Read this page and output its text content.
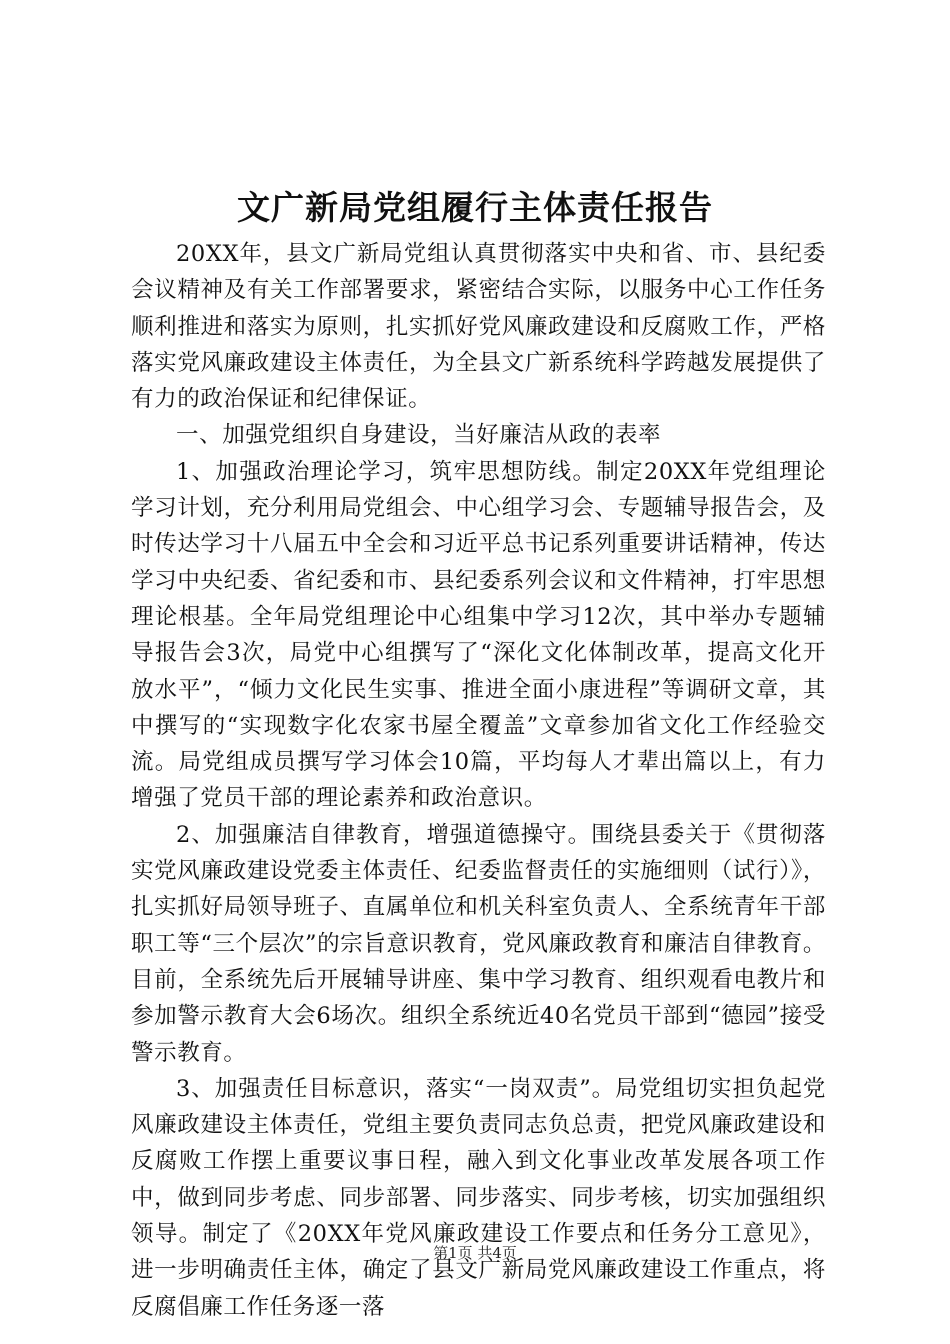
文广新局党组履行主体责任报告

20XX年，县文广新局党组认真贯彻落实中央和省、市、县纪委会议精神及有关工作部署要求，紧密结合实际，以服务中心工作任务顺利推进和落实为原则，扎实抓好党风廉政建设和反腐败工作，严格落实党风廉政建设主体责任，为全县文广新系统科学跨越发展提供了有力的政治保证和纪律保证。

一、加强党组织自身建设，当好廉洁从政的表率

1、加强政治理论学习，筑牢思想防线。制定20XX年党组理论学习计划，充分利用局党组会、中心组学习会、专题辅导报告会，及时传达学习十八届五中全会和习近平总书记系列重要讲话精神，传达学习中央纪委、省纪委和市、县纪委系列会议和文件精神，打牢思想理论根基。全年局党组理论中心组集中学习12次，其中举办专题辅导报告会3次，局党中心组撰写了“深化文化体制改革，提高文化开放水平”，“倾力文化民生实事、推进全面小康进程”等调研文章，其中撰写的“实现数字化农家书屋全覆盖”文章参加省文化工作经验交流。局党组成员撰写学习体会10篇，平均每人才辈出篇以上，有力增强了党员干部的理论素养和政治意识。

2、加强廉洁自律教育，增强道德操守。围绕县委关于《贯彻落实党风廉政建设党委主体责任、纪委监督责任的实施细则（试行）》，扎实抓好局领导班子、直属单位和机关科室负责人、全系统青年干部职工等“三个层次”的宗旨意识教育，党风廉政教育和廉洁自律教育。目前，全系统先后开展辅导讲座、集中学习教育、组织观看电教片和参加警示教育大会6场次。组织全系统近40名党员干部到“德园”接受警示教育。

3、加强责任目标意识，落实“一岗双责”。局党组切实担负起党风廉政建设主体责任，党组主要负责同志负总责，把党风廉政建设和反腐败工作摆上重要议事日程，融入到文化事业改革发展各项工作中，做到同步考虑、同步部署、同步落实、同步考核，切实加强组织领导。制定了《20XX年党风廉政建设工作要点和任务分工意见》，进一步明确责任主体，确定了县文广新局党风廉政建设工作重点，将反腐倡廉工作任务逐一落

第1页 共4页
